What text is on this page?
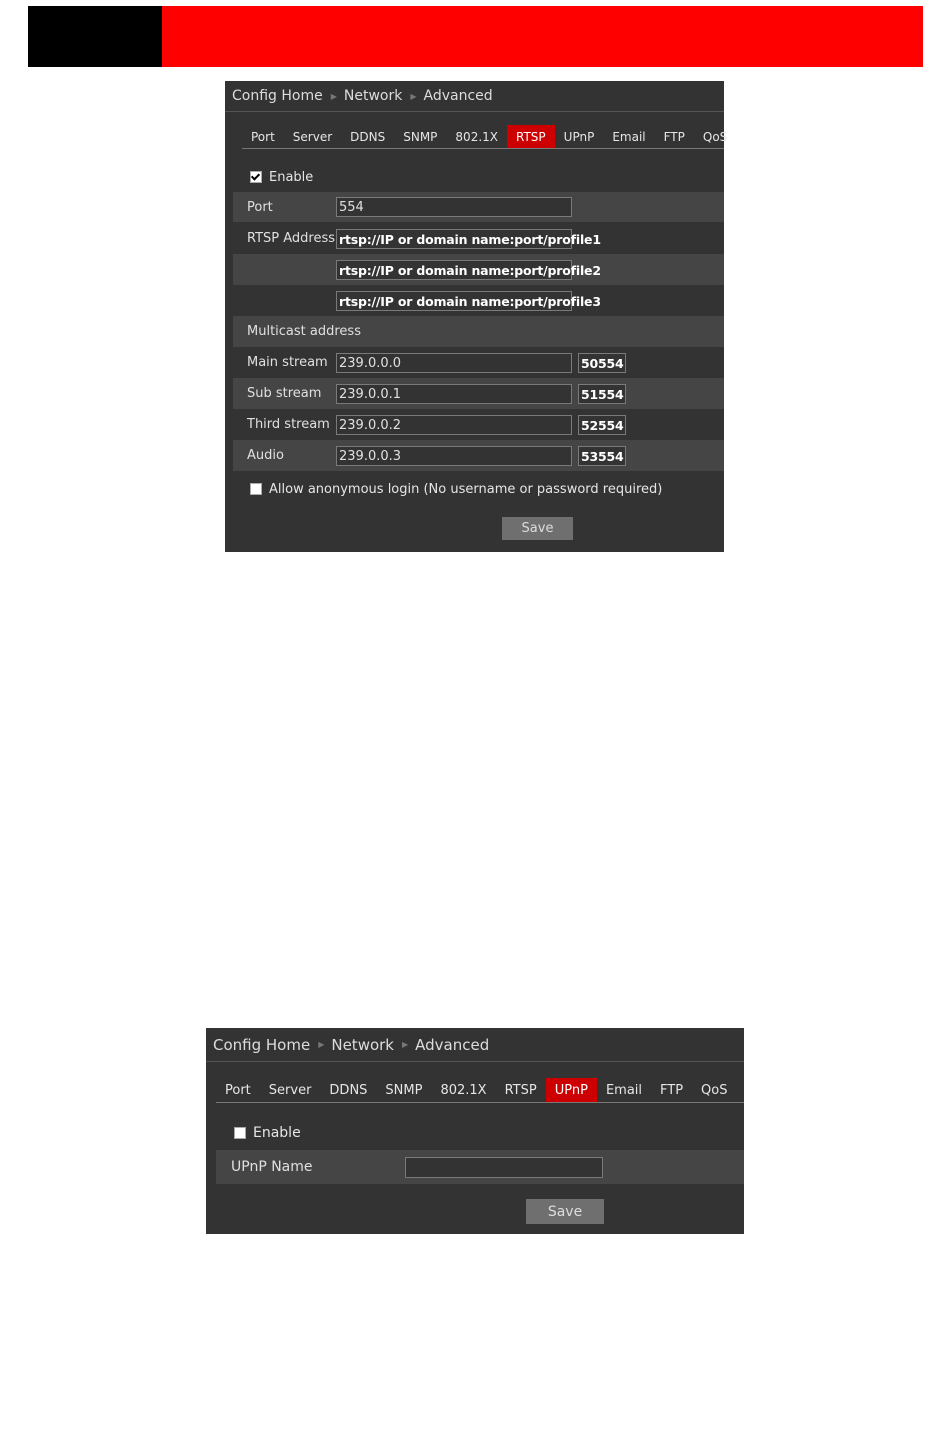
Config Home ▶ Network ▶ Advanced
Port	Server	DDNS	SNMP	802.1X	RTSP	UPnP	Email	FTP	QoS
Enable
Port	554
RTSP Address rtsp://IP or domain name:port/profile1
rtsp://IP or domain name:port/profile2
rtsp://IP or domain name:port/profile3
Multicast address
Main stream 239.0.0.0	50554
Sub stream 239.0.0.1	51554
Third stream 239.0.0.2	52554
Audio	239.0.0.3	53554
Allow anonymous login (No username or password required)
Save
Config Home ▶ Network ▶ Advanced
Port	Server	DDNS	SNMP	802.1X	RTSP	UPnP	Email	FTP	QoS
Enable
UPnP Name
Save
